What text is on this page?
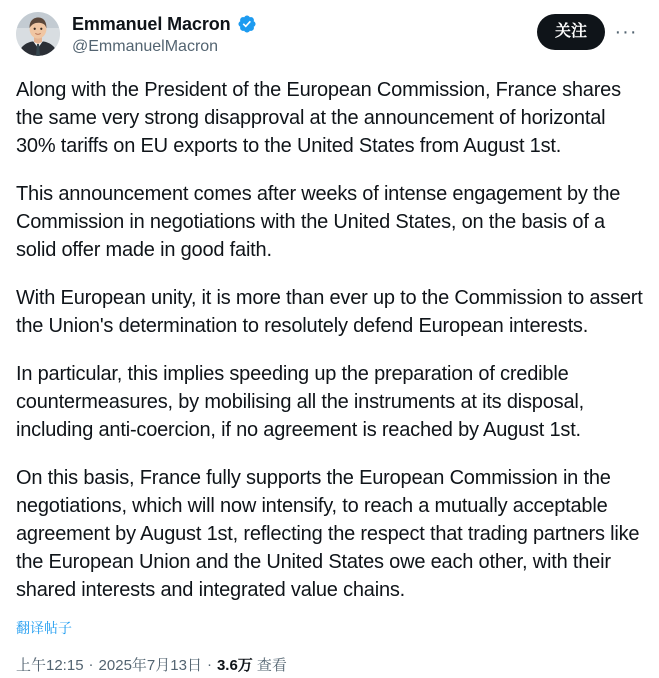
Emmanuel Macron
@EmmanuelMacron
关注	···

Along with the President of the European Commission, France shares the same very strong disapproval at the announcement of horizontal 30% tariffs on EU exports to the United States from August 1st.

This announcement comes after weeks of intense engagement by the Commission in negotiations with the United States, on the basis of a solid offer made in good faith.

With European unity, it is more than ever up to the Commission to assert the Union's determination to resolutely defend European interests.

In particular, this implies speeding up the preparation of credible countermeasures, by mobilising all the instruments at its disposal, including anti-coercion, if no agreement is reached by August 1st.

On this basis, France fully supports the European Commission in the negotiations, which will now intensify, to reach a mutually acceptable agreement by August 1st, reflecting the respect that trading partners like the European Union and the United States owe each other, with their shared interests and integrated value chains.

翻译帖子
上午12:15 · 2025年7月13日 · 3.6万 查看
